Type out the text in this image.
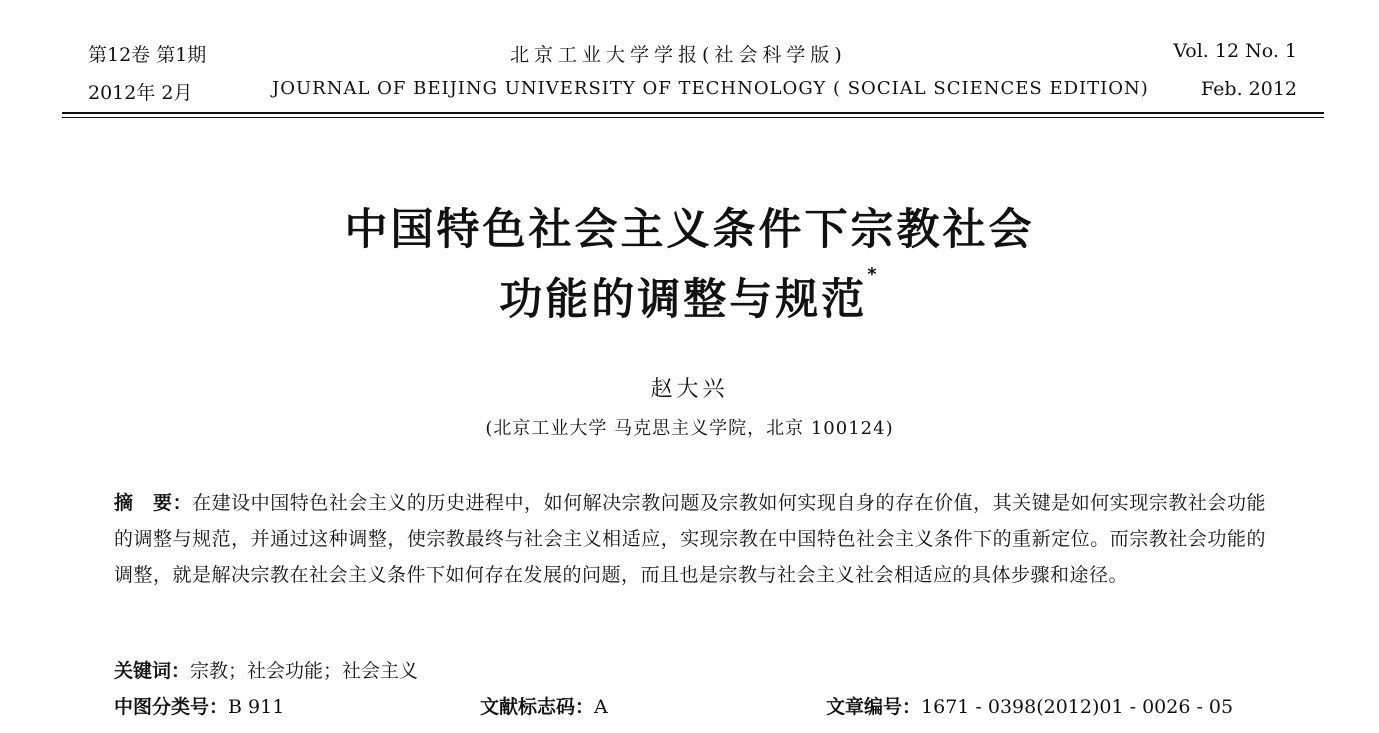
第12卷 第1期	北京工业大学学报(社会科学版)	Vol. 12 No. 1
2012年 2月	JOURNAL OF BEIJING UNIVERSITY OF TECHNOLOGY ( SOCIAL SCIENCES EDITION)	Feb. 2012
中国特色社会主义条件下宗教社会
功能的调整与规范*
赵大兴
(北京工业大学 马克思主义学院，北京 100124)
摘　要：在建设中国特色社会主义的历史进程中，如何解决宗教问题及宗教如何实现自身的存在价值，其关键是如何实现宗教社会功能的调整与规范，并通过这种调整，使宗教最终与社会主义相适应，实现宗教在中国特色社会主义条件下的重新定位。而宗教社会功能的调整，就是解决宗教在社会主义条件下如何存在发展的问题，而且也是宗教与社会主义社会相适应的具体步骤和途径。
关键词：宗教；社会功能；社会主义
中图分类号：B 911	文献标志码：A	文章编号：1671 - 0398(2012)01 - 0026 - 05
